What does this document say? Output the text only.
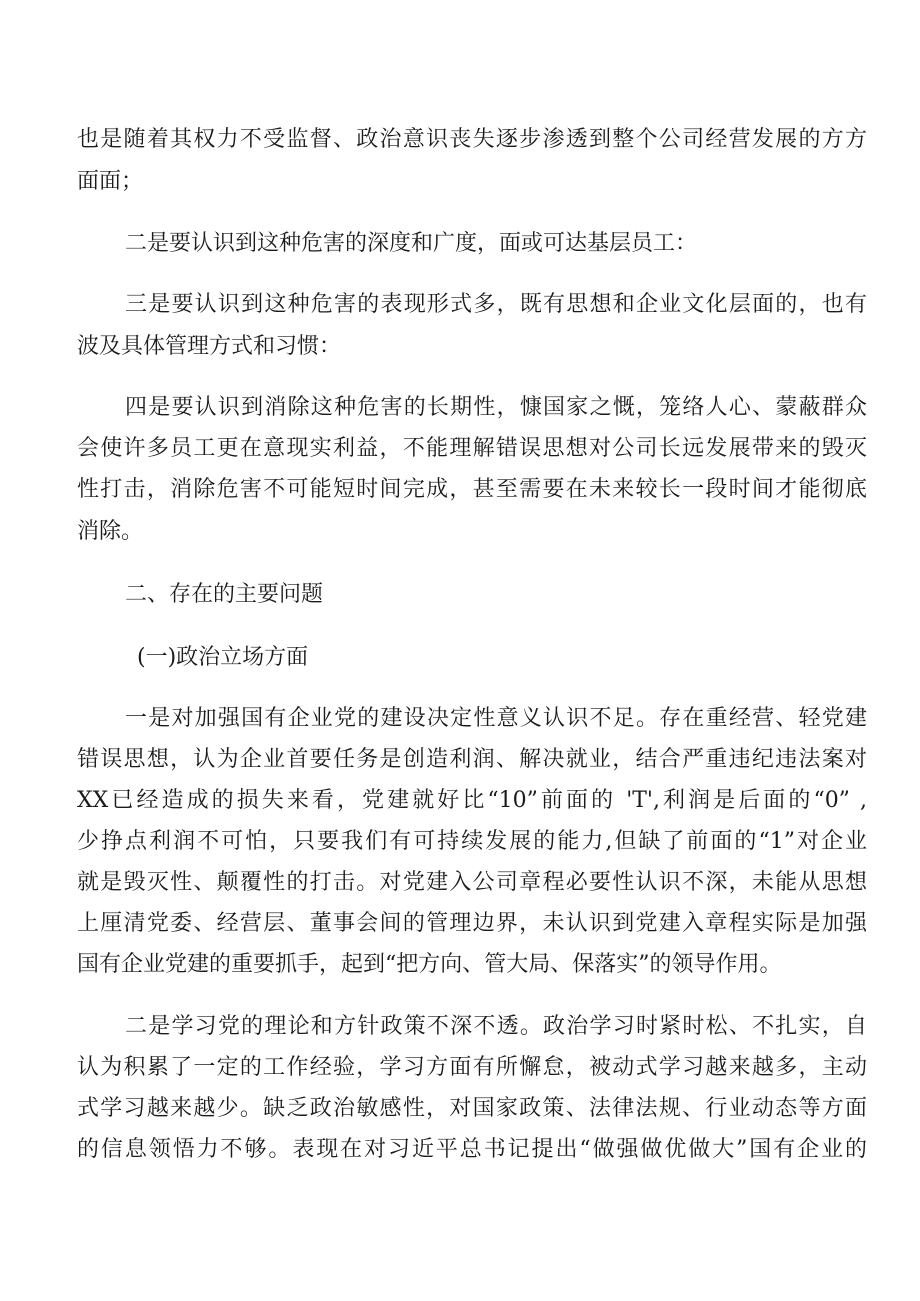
也是随着其权力不受监督、政治意识丧失逐步渗透到整个公司经营发展的方方
面面；
二是要认识到这种危害的深度和广度，面或可达基层员工：
三是要认识到这种危害的表现形式多，既有思想和企业文化层面的，也有
波及具体管理方式和习惯：
四是要认识到消除这种危害的长期性，慷国家之慨，笼络人心、蒙蔽群众
会使许多员工更在意现实利益，不能理解错误思想对公司长远发展带来的毁灭
性打击，消除危害不可能短时间完成，甚至需要在未来较长一段时间才能彻底
消除。
二、存在的主要问题
(一)政治立场方面
一是对加强国有企业党的建设决定性意义认识不足。存在重经营、轻党建
错误思想，认为企业首要任务是创造利润、解决就业，结合严重违纪违法案对
XX已经造成的损失来看，党建就好比“10”前面的 'T',利润是后面的“0” ,
少挣点利润不可怕，只要我们有可持续发展的能力,但缺了前面的“1”对企业
就是毁灭性、颠覆性的打击。对党建入公司章程必要性认识不深，未能从思想
上厘清党委、经营层、董事会间的管理边界，未认识到党建入章程实际是加强
国有企业党建的重要抓手，起到“把方向、管大局、保落实”的领导作用。
二是学习党的理论和方针政策不深不透。政治学习时紧时松、不扎实，自
认为积累了一定的工作经验，学习方面有所懈怠，被动式学习越来越多，主动
式学习越来越少。缺乏政治敏感性，对国家政策、法律法规、行业动态等方面
的信息领悟力不够。表现在对习近平总书记提出“做强做优做大”国有企业的
